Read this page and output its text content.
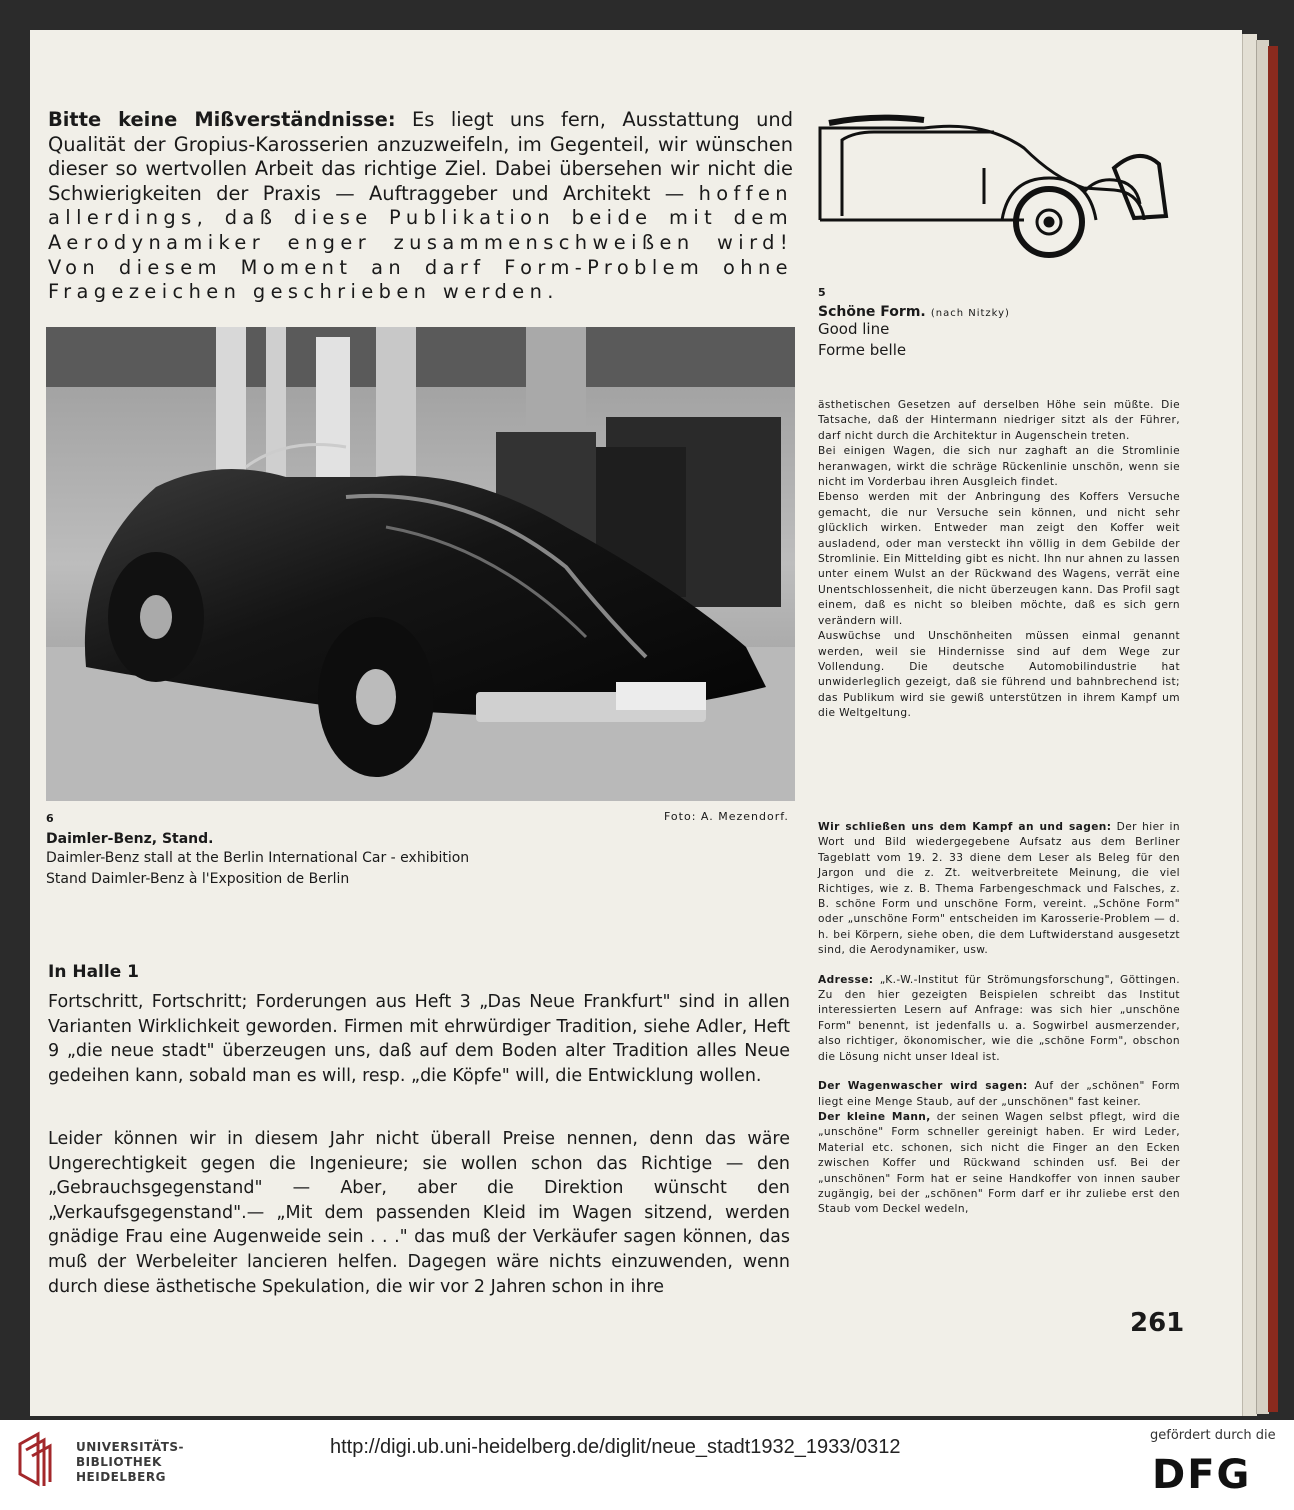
Bitte keine Mißverständnisse: Es liegt uns fern, Ausstattung und Qualität der Gropius-Karosserien anzuzweifeln, im Gegenteil, wir wünschen dieser so wertvollen Arbeit das richtige Ziel. Dabei übersehen wir nicht die Schwierigkeiten der Praxis — Auftraggeber und Architekt — hoffen allerdings, daß diese Publikation beide mit dem Aerodynamiker enger zusammenschweißen wird! Von diesem Moment an darf Form-Problem ohne Fragezeichen geschrieben werden.	5
Schöne Form. (nach Nitzky)
Good line
Forme belle
Foto: A. Mezendorf.
6
Daimler-Benz, Stand.
Daimler-Benz stall at the Berlin International Car - exhibition
Stand Daimler-Benz à l'Exposition de Berlin

ästhetischen Gesetzen auf derselben Höhe sein müßte. Die Tatsache, daß der Hintermann niedriger sitzt als der Führer, darf nicht durch die Architektur in Augenschein treten.

Bei einigen Wagen, die sich nur zaghaft an die Stromlinie heranwagen, wirkt die schräge Rückenlinie unschön, wenn sie nicht im Vorderbau ihren Ausgleich findet.

Ebenso werden mit der Anbringung des Koffers Versuche gemacht, die nur Versuche sein können, und nicht sehr glücklich wirken. Entweder man zeigt den Koffer weit ausladend, oder man versteckt ihn völlig in dem Gebilde der Stromlinie. Ein Mittelding gibt es nicht. Ihn nur ahnen zu lassen unter einem Wulst an der Rückwand des Wagens, verrät eine Unentschlossenheit, die nicht überzeugen kann. Das Profil sagt einem, daß es nicht so bleiben möchte, daß es sich gern verändern will.

Auswüchse und Unschönheiten müssen einmal genannt werden, weil sie Hindernisse sind auf dem Wege zur Vollendung. Die deutsche Automobilindustrie hat unwiderleglich gezeigt, daß sie führend und bahnbrechend ist; das Publikum wird sie gewiß unterstützen in ihrem Kampf um die Weltgeltung.

Wir schließen uns dem Kampf an und sagen: Der hier in Wort und Bild wiedergegebene Aufsatz aus dem Berliner Tageblatt vom 19. 2. 33 diene dem Leser als Beleg für den Jargon und die z. Zt. weitverbreitete Meinung, die viel Richtiges, wie z. B. Thema Farbengeschmack und Falsches, z. B. schöne Form und unschöne Form, vereint. „Schöne Form" oder „unschöne Form" entscheiden im Karosserie-Problem — d. h. bei Körpern, siehe oben, die dem Luftwiderstand ausgesetzt sind, die Aerodynamiker, usw.

Adresse: „K.-W.-Institut für Strömungsforschung", Göttingen. Zu den hier gezeigten Beispielen schreibt das Institut interessierten Lesern auf Anfrage: was sich hier „unschöne Form" benennt, ist jedenfalls u. a. Sogwirbel ausmerzender, also richtiger, ökonomischer, wie die „schöne Form", obschon die Lösung nicht unser Ideal ist.

Der Wagenwascher wird sagen: Auf der „schönen" Form liegt eine Menge Staub, auf der „unschönen" fast keiner.

Der kleine Mann, der seinen Wagen selbst pflegt, wird die „unschöne" Form schneller gereinigt haben. Er wird Leder, Material etc. schonen, sich nicht die Finger an den Ecken zwischen Koffer und Rückwand schinden usf. Bei der „unschönen" Form hat er seine Handkoffer von innen sauber zugängig, bei der „schönen" Form darf er ihr zuliebe erst den Staub vom Deckel wedeln,

In Halle 1

Fortschritt, Fortschritt; Forderungen aus Heft 3 „Das Neue Frankfurt" sind in allen Varianten Wirklichkeit geworden. Firmen mit ehrwürdiger Tradition, siehe Adler, Heft 9 „die neue stadt" überzeugen uns, daß auf dem Boden alter Tradition alles Neue gedeihen kann, sobald man es will, resp. „die Köpfe" will, die Entwicklung wollen.

Leider können wir in diesem Jahr nicht überall Preise nennen, denn das wäre Ungerechtigkeit gegen die Ingenieure; sie wollen schon das Richtige — den „Gebrauchsgegenstand" — Aber, aber die Direktion wünscht den „Verkaufsgegenstand".— „Mit dem passenden Kleid im Wagen sitzend, werden gnädige Frau eine Augenweide sein . . ." das muß der Verkäufer sagen können, das muß der Werbeleiter lancieren helfen. Dagegen wäre nichts einzuwenden, wenn durch diese ästhetische Spekulation, die wir vor 2 Jahren schon in ihre

261
UNIVERSITÄTS-
BIBLIOTHEK
HEIDELBERG
http://digi.ub.uni-heidelberg.de/diglit/neue_stadt1932_1933/0312
gefördert durch die
DFG
